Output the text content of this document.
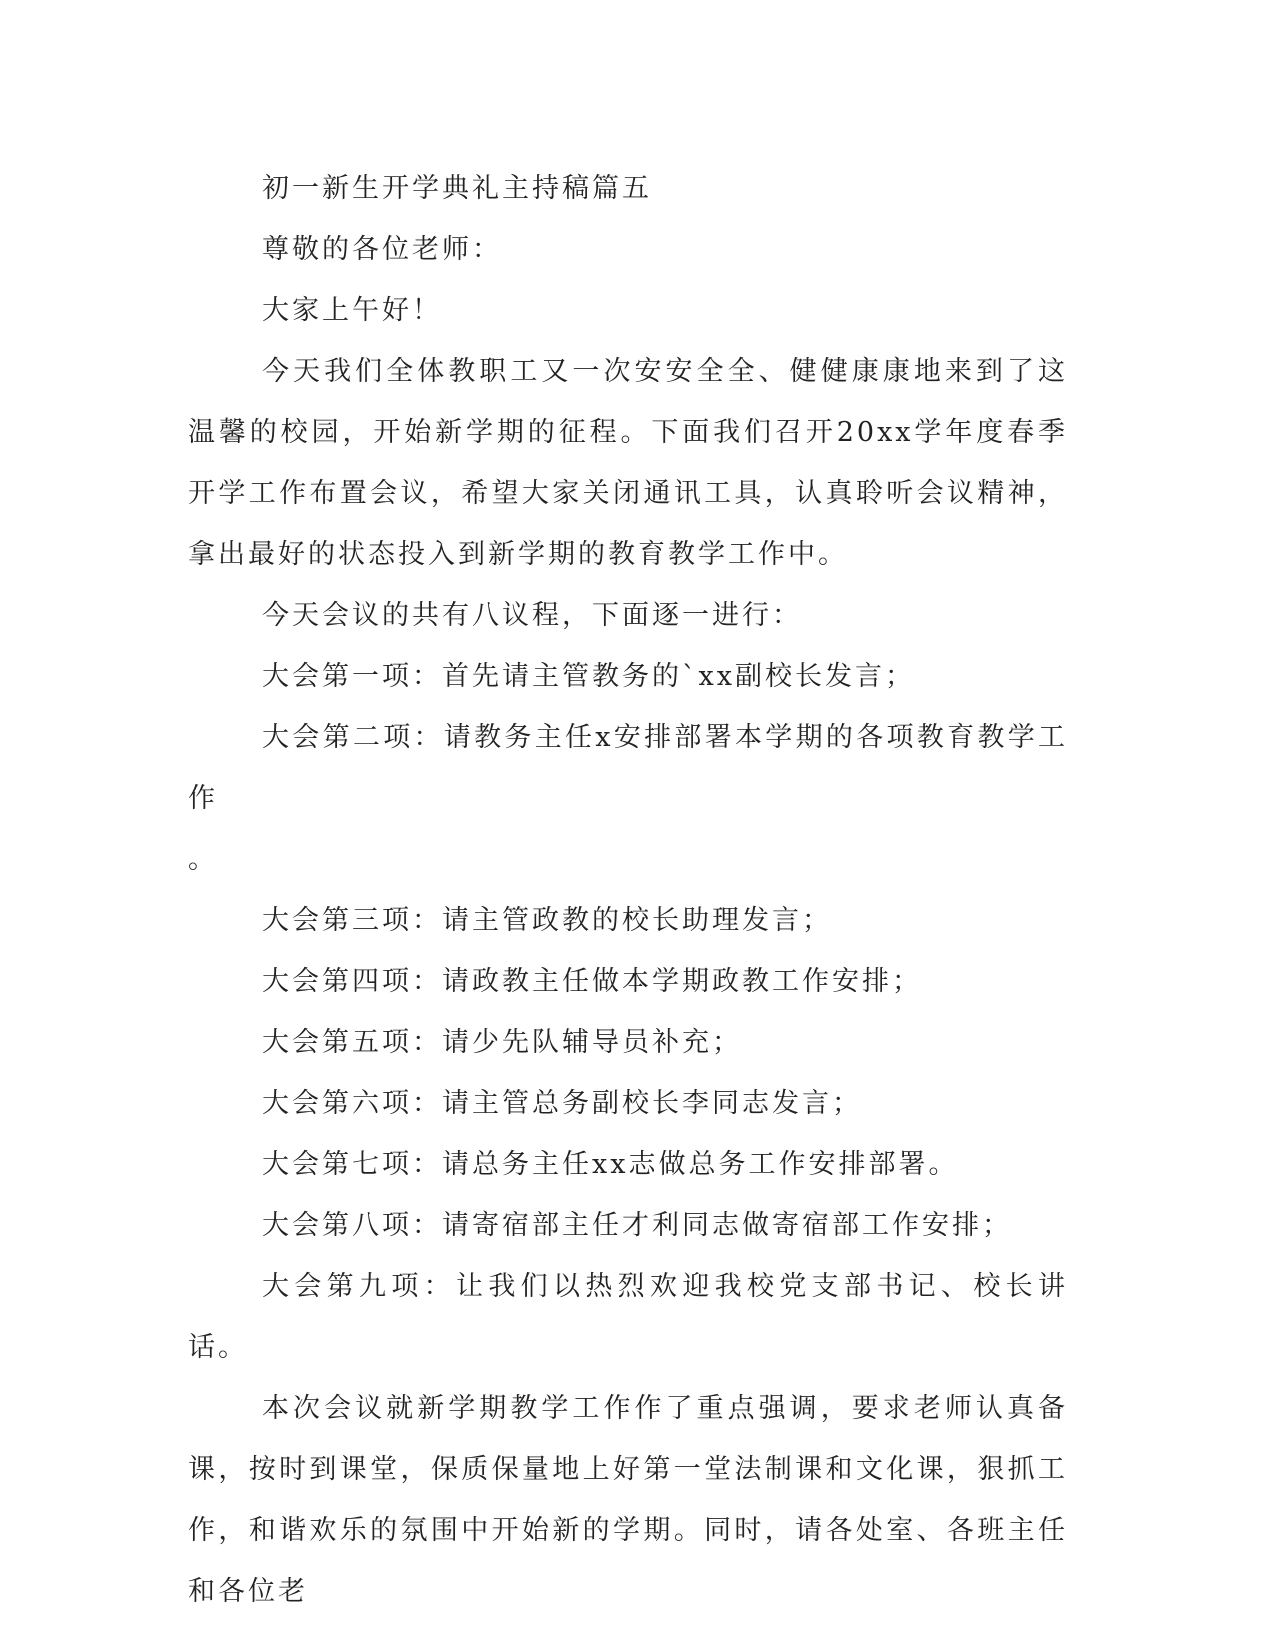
初一新生开学典礼主持稿篇五

尊敬的各位老师：

大家上午好！

今天我们全体教职工又一次安安全全、健健康康地来到了这温馨的校园，开始新学期的征程。下面我们召开20xx学年度春季开学工作布置会议，希望大家关闭通讯工具，认真聆听会议精神，拿出最好的状态投入到新学期的教育教学工作中。

今天会议的共有八议程，下面逐一进行：

大会第一项：首先请主管教务的`xx副校长发言；

大会第二项：请教务主任x安排部署本学期的各项教育教学工作

。

大会第三项：请主管政教的校长助理发言；

大会第四项：请政教主任做本学期政教工作安排；

大会第五项：请少先队辅导员补充；

大会第六项：请主管总务副校长李同志发言；

大会第七项：请总务主任xx志做总务工作安排部署。

大会第八项：请寄宿部主任才利同志做寄宿部工作安排；

大会第九项：让我们以热烈欢迎我校党支部书记、校长讲话。

本次会议就新学期教学工作作了重点强调，要求老师认真备课，按时到课堂，保质保量地上好第一堂法制课和文化课，狠抓工作，和谐欢乐的氛围中开始新的学期。同时，请各处室、各班主任和各位老
